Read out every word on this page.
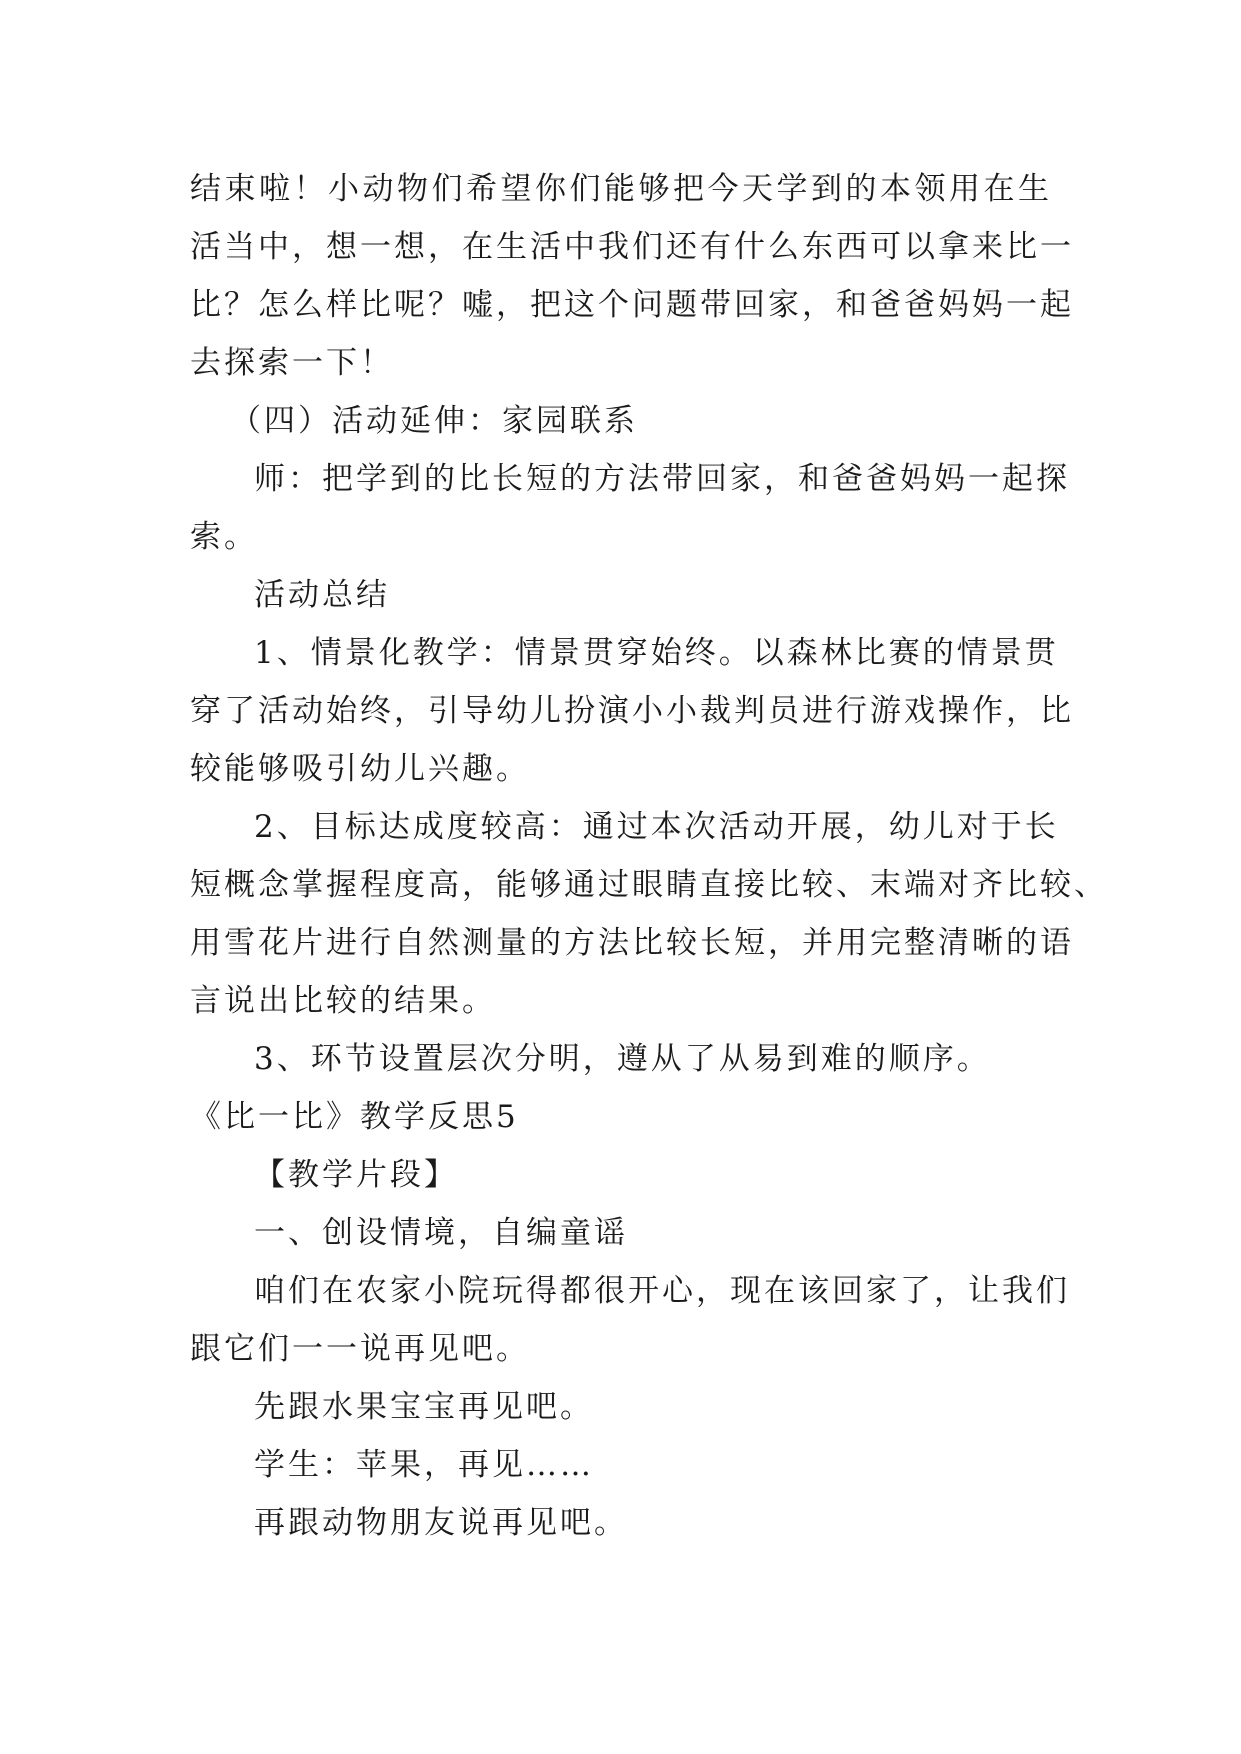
结束啦！小动物们希望你们能够把今天学到的本领用在生

活当中，想一想，在生活中我们还有什么东西可以拿来比一

比？怎么样比呢？嘘，把这个问题带回家，和爸爸妈妈一起

去探索一下！

（四）活动延伸：家园联系

师：把学到的比长短的方法带回家，和爸爸妈妈一起探

索。

活动总结

1、情景化教学：情景贯穿始终。以森林比赛的情景贯

穿了活动始终，引导幼儿扮演小小裁判员进行游戏操作，比

较能够吸引幼儿兴趣。

2、目标达成度较高：通过本次活动开展，幼儿对于长

短概念掌握程度高，能够通过眼睛直接比较、末端对齐比较、

用雪花片进行自然测量的方法比较长短，并用完整清晰的语

言说出比较的结果。

3、环节设置层次分明，遵从了从易到难的顺序。

《比一比》教学反思5

【教学片段】

一、创设情境，自编童谣

咱们在农家小院玩得都很开心，现在该回家了，让我们

跟它们一一说再见吧。

先跟水果宝宝再见吧。

学生：苹果，再见……

再跟动物朋友说再见吧。
